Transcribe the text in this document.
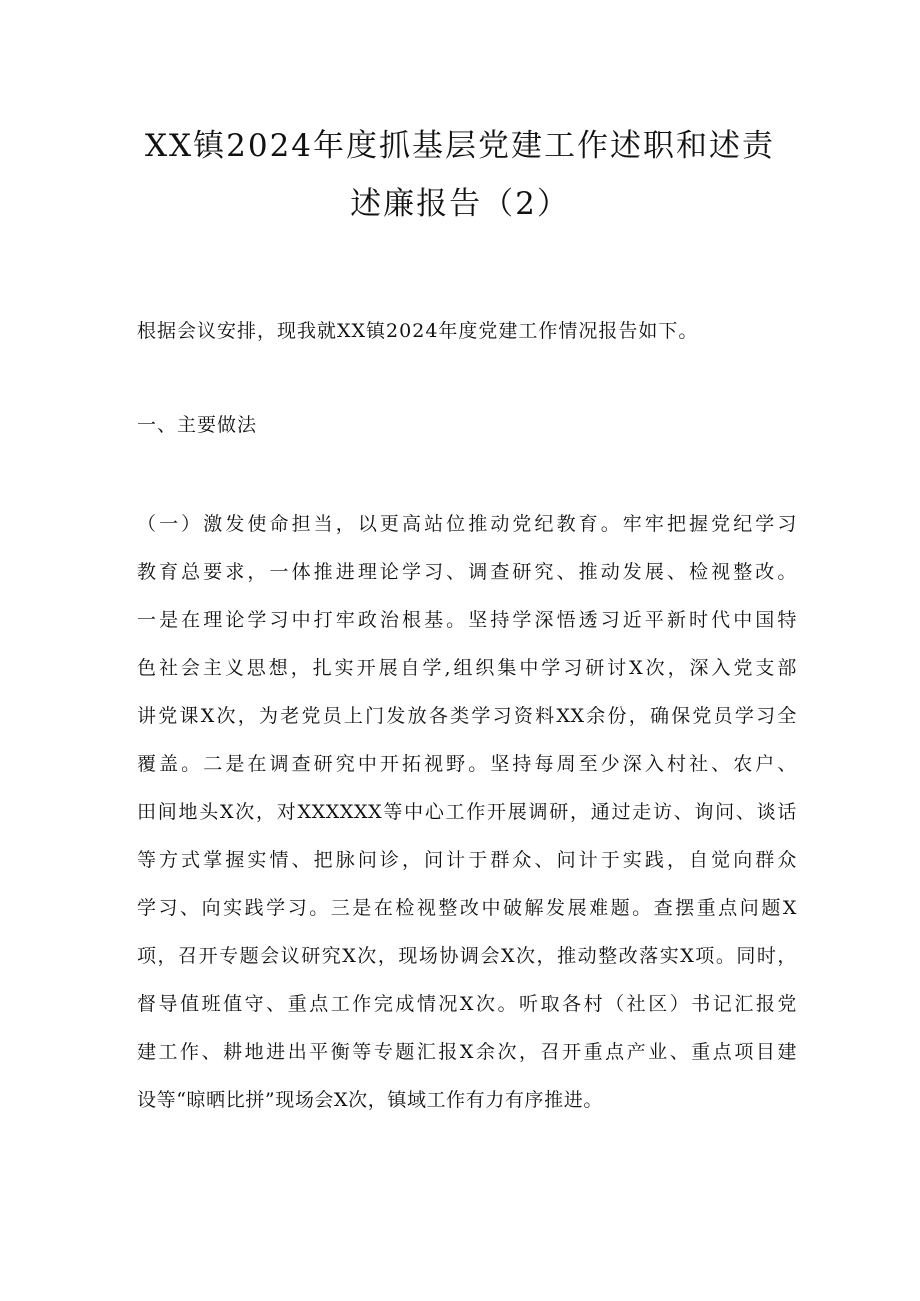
XX镇2024年度抓基层党建工作述职和述责
述廉报告（2）

根据会议安排，现我就XX镇2024年度党建工作情况报告如下。

一、主要做法

（一）激发使命担当，以更高站位推动党纪教育。牢牢把握党纪学习
教育总要求，一体推进理论学习、调查研究、推动发展、检视整改。
一是在理论学习中打牢政治根基。坚持学深悟透习近平新时代中国特
色社会主义思想，扎实开展自学,组织集中学习研讨X次，深入党支部
讲党课X次，为老党员上门发放各类学习资料XX余份，确保党员学习全
覆盖。二是在调查研究中开拓视野。坚持每周至少深入村社、农户、
田间地头X次，对XXXXXX等中心工作开展调研，通过走访、询问、谈话
等方式掌握实情、把脉问诊，问计于群众、问计于实践，自觉向群众
学习、向实践学习。三是在检视整改中破解发展难题。查摆重点问题X
项，召开专题会议研究X次，现场协调会X次，推动整改落实X项。同时，
督导值班值守、重点工作完成情况X次。听取各村（社区）书记汇报党
建工作、耕地进出平衡等专题汇报X余次，召开重点产业、重点项目建
设等“晾晒比拼”现场会X次，镇域工作有力有序推进。
